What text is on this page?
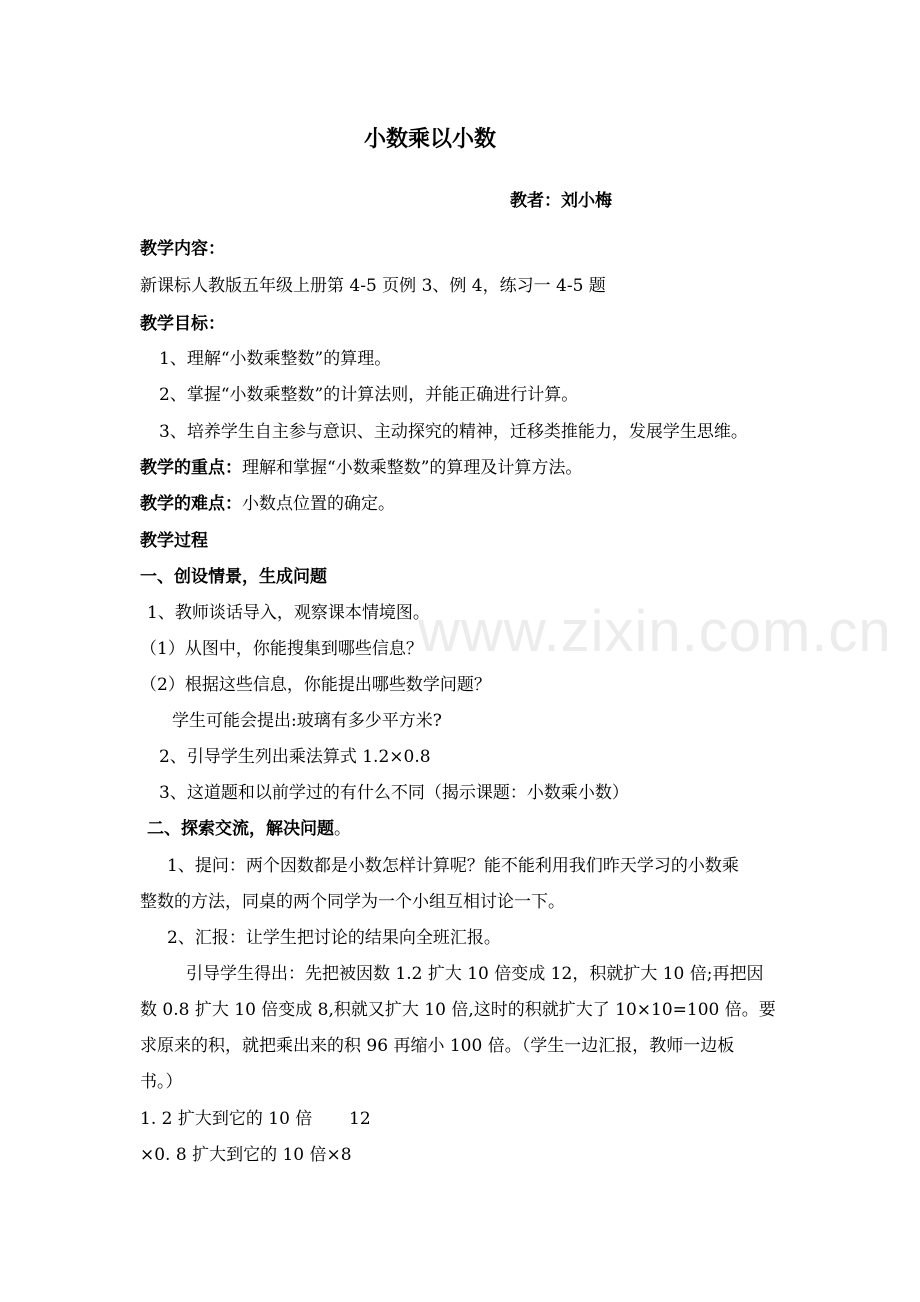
www.zixin.com.cn
小数乘以小数
教者：刘小梅
教学内容：
新课标人教版五年级上册第 4-5 页例 3、例 4，练习一 4-5 题
教学目标：
1、理解“小数乘整数”的算理。
2、掌握“小数乘整数”的计算法则，并能正确进行计算。
3、培养学生自主参与意识、主动探究的精神，迁移类推能力，发展学生思维。
教学的重点：理解和掌握“小数乘整数”的算理及计算方法。
教学的难点：小数点位置的确定。
教学过程
一、创设情景，生成问题
1、教师谈话导入，观察课本情境图。
（1）从图中，你能搜集到哪些信息？
（2）根据这些信息，你能提出哪些数学问题？
学生可能会提出:玻璃有多少平方米?
2、引导学生列出乘法算式 1.2×0.8
3、这道题和以前学过的有什么不同（揭示课题：小数乘小数）
二、探索交流，解决问题。
1、提问：两个因数都是小数怎样计算呢？能不能利用我们昨天学习的小数乘
整数的方法，同桌的两个同学为一个小组互相讨论一下。
2、汇报：让学生把讨论的结果向全班汇报。
引导学生得出：先把被因数 1.2 扩大 10 倍变成 12，积就扩大 10 倍;再把因
数 0.8 扩大 10 倍变成 8,积就又扩大 10 倍,这时的积就扩大了 10×10=100 倍。要
求原来的积，就把乘出来的积 96 再缩小 100 倍。（学生一边汇报，教师一边板
书。）
1. 2 扩大到它的 10 倍 12
×0. 8 扩大到它的 10 倍×8
